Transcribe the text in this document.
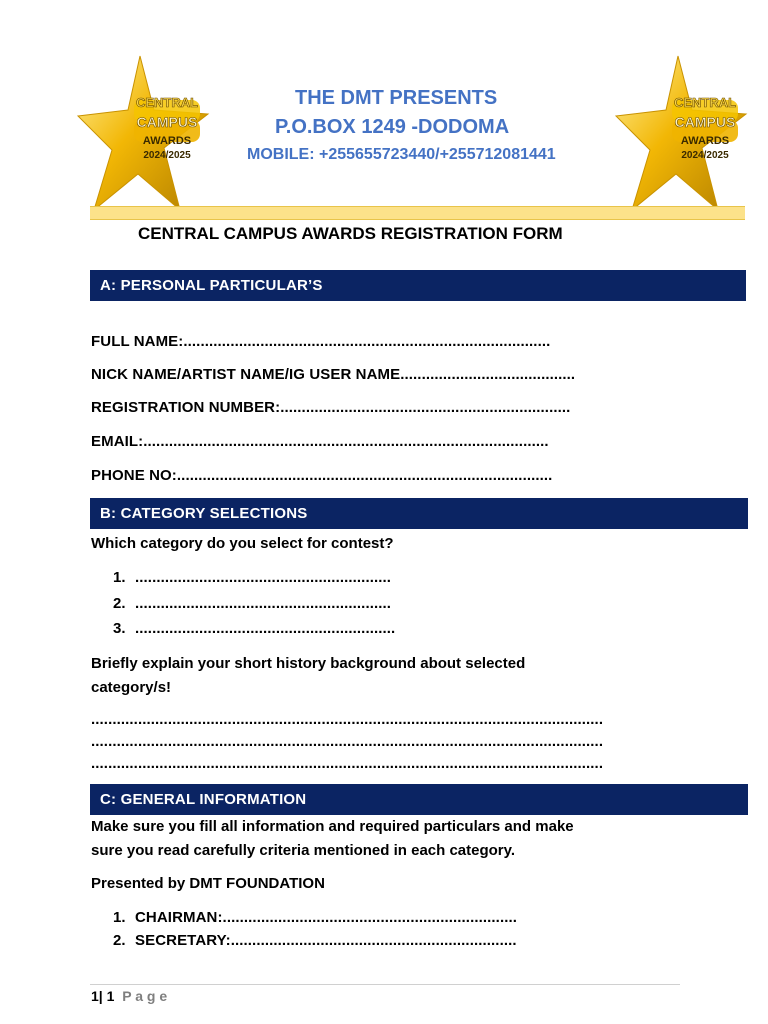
CENTRAL
CAMPUS
AWARDS
2024/2025
CENTRAL
CAMPUS
AWARDS
2024/2025
THE DMT PRESENTS
P.O.BOX 1249 -DODOMA
MOBILE: +255655723440/+255712081441
CENTRAL CAMPUS AWARDS REGISTRATION FORM
A: PERSONAL PARTICULAR’S
FULL NAME:......................................................................................
NICK NAME/ARTIST NAME/IG USER NAME.........................................
REGISTRATION NUMBER:....................................................................
EMAIL:...............................................................................................
PHONE NO:........................................................................................
B: CATEGORY SELECTIONS
Which category do you select for contest?
1. ............................................................
2. ............................................................
3. .............................................................
Briefly explain your short history background about selected
category/s!
........................................................................................................................
........................................................................................................................
........................................................................................................................
C: GENERAL INFORMATION
Make sure you fill all information and required particulars and make
sure you read carefully criteria mentioned in each category.
Presented by DMT FOUNDATION
1. CHAIRMAN:.....................................................................
2. SECRETARY:...................................................................
1| 1 P a g e
